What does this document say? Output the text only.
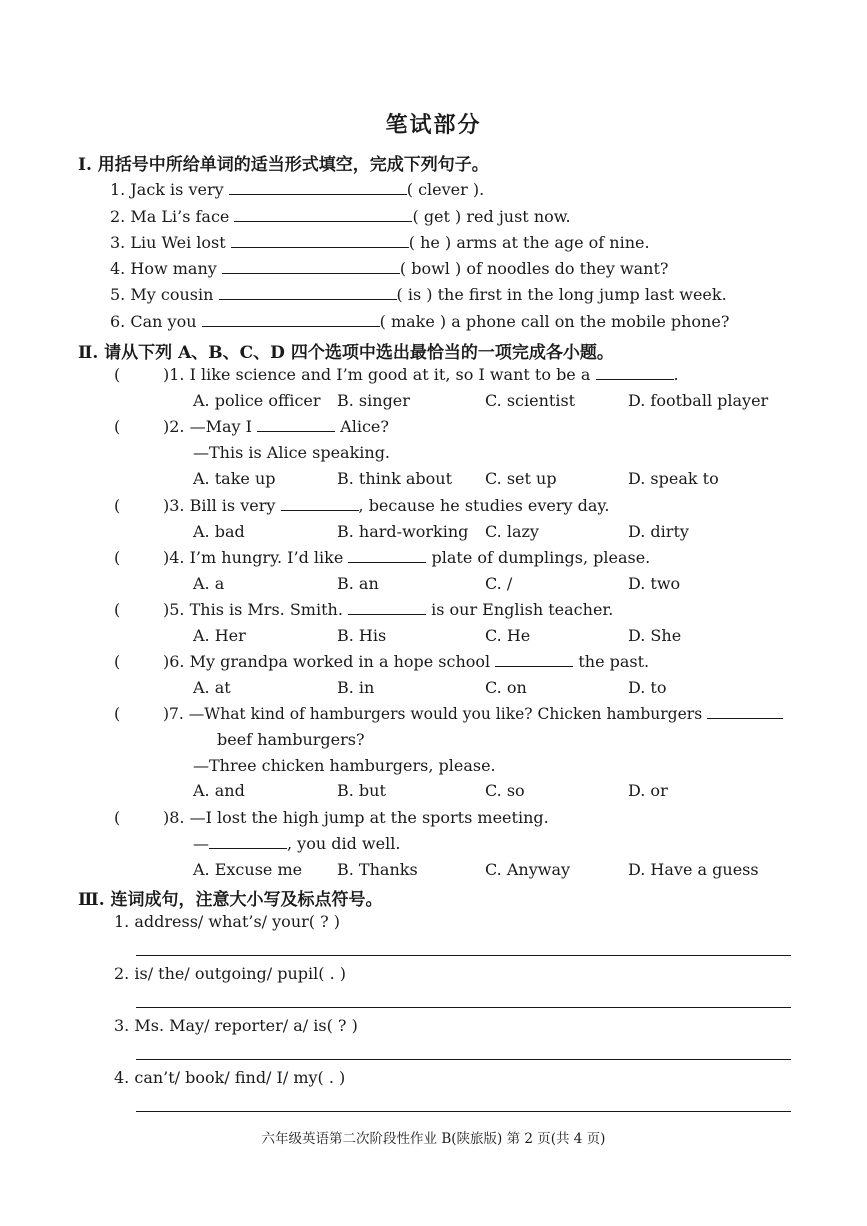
笔试部分
Ⅰ. 用括号中所给单词的适当形式填空，完成下列句子。
1. Jack is very	( clever ).
2. Ma Li’s face	( get ) red just now.
3. Liu Wei lost	( he ) arms at the age of nine.
4. How many	( bowl ) of noodles do they want?
5. My cousin	( is ) the first in the long jump last week.
6. Can you	( make ) a phone call on the mobile phone?
Ⅱ. 请从下列 A、B、C、D 四个选项中选出最恰当的一项完成各小题。
(	)1. I like science and I’m good at it, so I want to be a	.
A. police officer B. singer	C. scientist	D. football player
(	)2. —May I	Alice?
—This is Alice speaking.
A. take up	B. think about C. set up	D. speak to
(	)3. Bill is very	, because he studies every day.
A. bad	B. hard-working C. lazy	D. dirty
(	)4. I’m hungry. I’d like	plate of dumplings, please.
A. a	B. an	C. /	D. two
(	)5. This is Mrs. Smith.	is our English teacher.
A. Her	B. His	C. He	D. She
(	)6. My grandpa worked in a hope school	the past.
A. at	B. in	C. on	D. to
(	)7. —What kind of hamburgers would you like? Chicken hamburgers
beef hamburgers?
—Three chicken hamburgers, please.
A. and	B. but	C. so	D. or
(	)8. —I lost the high jump at the sports meeting.
—	, you did well.
A. Excuse me B. Thanks	C. Anyway	D. Have a guess
Ⅲ. 连词成句，注意大小写及标点符号。
1. address/ what’s/ your( ? )
2. is/ the/ outgoing/ pupil( . )
3. Ms. May/ reporter/ a/ is( ? )
4. can’t/ book/ find/ I/ my( . )
六年级英语第二次阶段性作业 B(陕旅版) 第 2 页(共 4 页)
